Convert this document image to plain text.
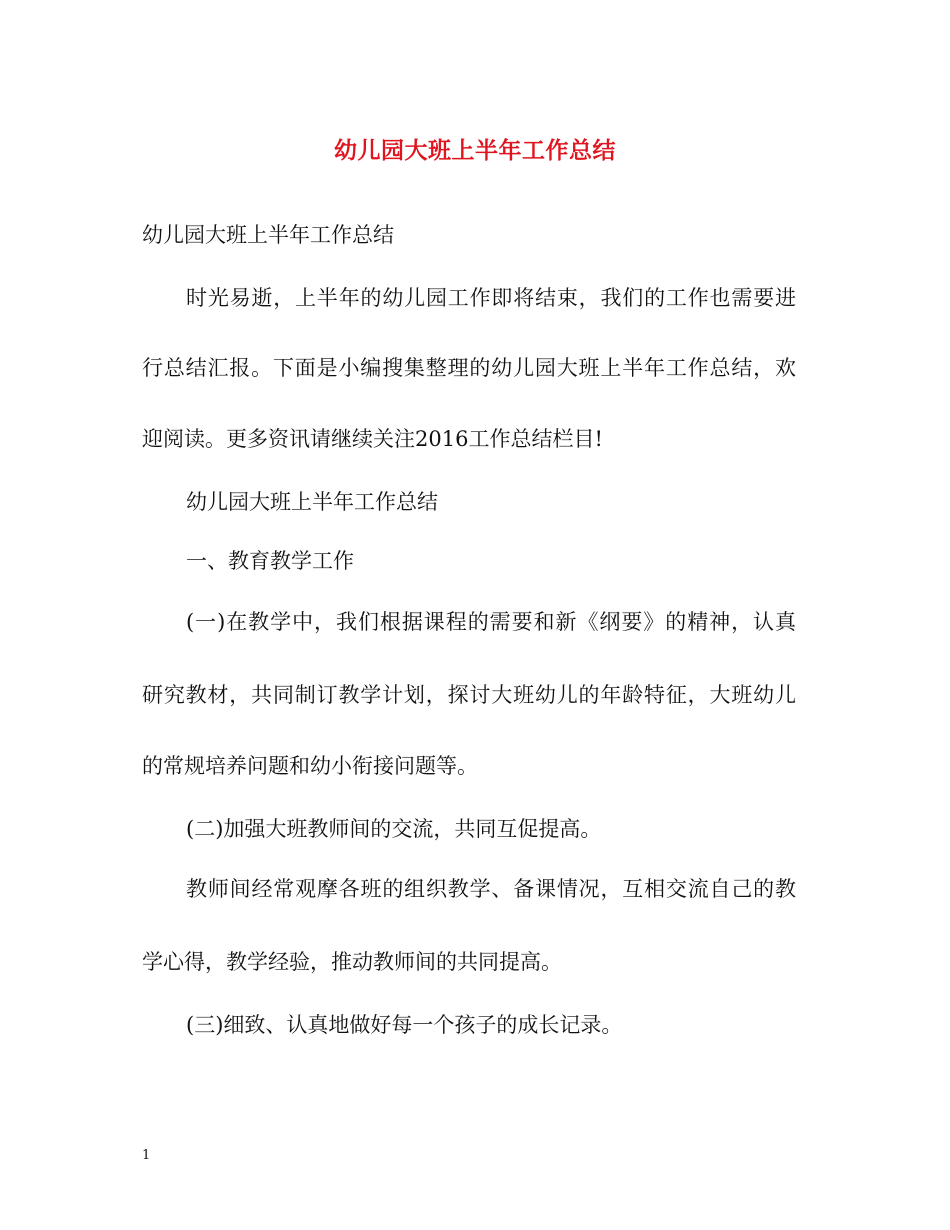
幼儿园大班上半年工作总结
幼儿园大班上半年工作总结
时光易逝，上半年的幼儿园工作即将结束，我们的工作也需要进
行总结汇报。下面是小编搜集整理的幼儿园大班上半年工作总结，欢
迎阅读。更多资讯请继续关注2016工作总结栏目!
幼儿园大班上半年工作总结
一、教育教学工作
(一)在教学中，我们根据课程的需要和新《纲要》的精神，认真
研究教材，共同制订教学计划，探讨大班幼儿的年龄特征，大班幼儿
的常规培养问题和幼小衔接问题等。
(二)加强大班教师间的交流，共同互促提高。
教师间经常观摩各班的组织教学、备课情况，互相交流自己的教
学心得，教学经验，推动教师间的共同提高。
(三)细致、认真地做好每一个孩子的成长记录。
1
